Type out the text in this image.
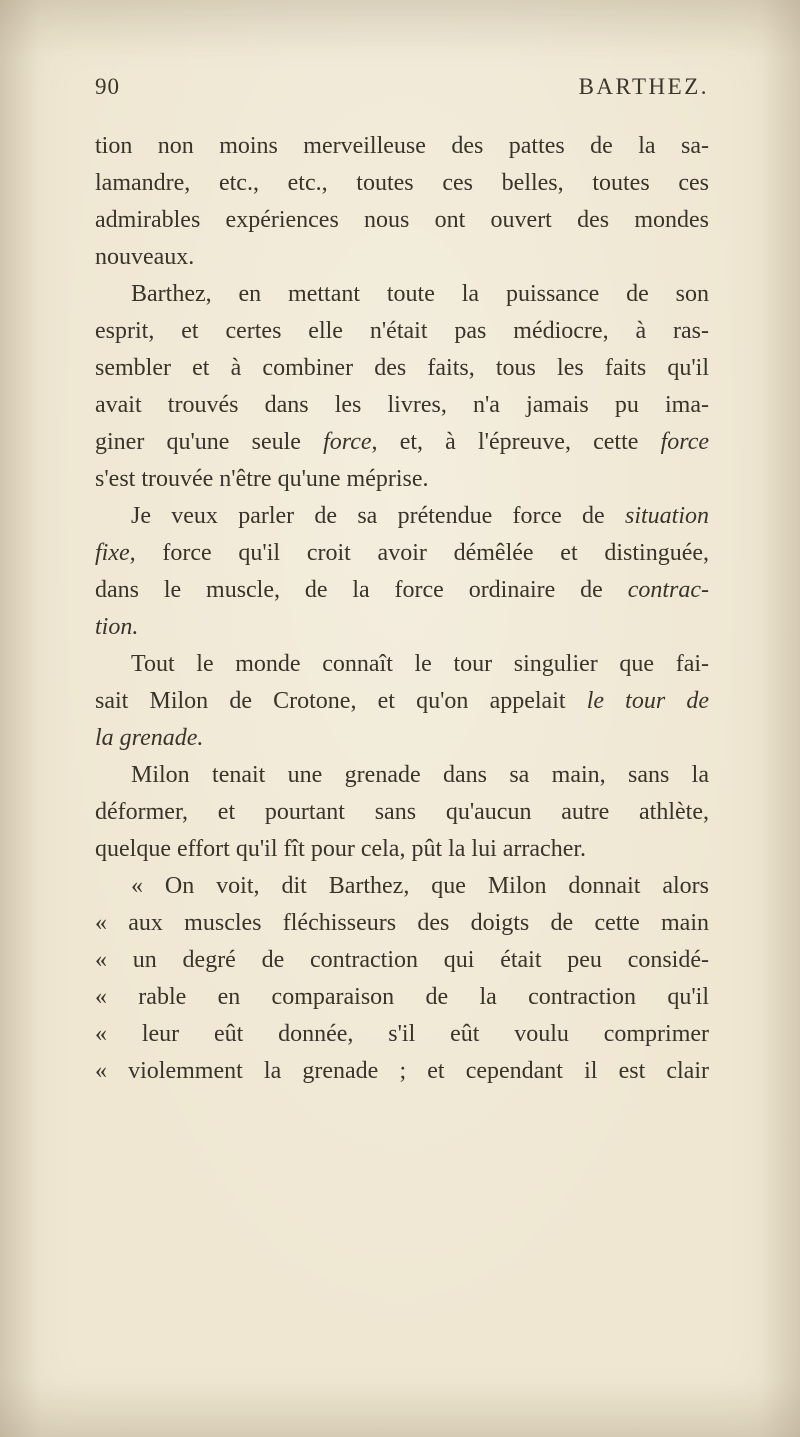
90	BARTHEZ.
tion non moins merveilleuse des pattes de la sa-
lamandre, etc., etc., toutes ces belles, toutes ces
admirables expériences nous ont ouvert des mondes
nouveaux.
Barthez, en mettant toute la puissance de son
esprit, et certes elle n'était pas médiocre, à ras-
sembler et à combiner des faits, tous les faits qu'il
avait trouvés dans les livres, n'a jamais pu ima-
giner qu'une seule force, et, à l'épreuve, cette force
s'est trouvée n'être qu'une méprise.
Je veux parler de sa prétendue force de situation
fixe, force qu'il croit avoir démêlée et distinguée,
dans le muscle, de la force ordinaire de contrac-
tion.
Tout le monde connaît le tour singulier que fai-
sait Milon de Crotone, et qu'on appelait le tour de
la grenade.
Milon tenait une grenade dans sa main, sans la
déformer, et pourtant sans qu'aucun autre athlète,
quelque effort qu'il fît pour cela, pût la lui arracher.
« On voit, dit Barthez, que Milon donnait alors
« aux muscles fléchisseurs des doigts de cette main
« un degré de contraction qui était peu considé-
« rable en comparaison de la contraction qu'il
« leur eût donnée, s'il eût voulu comprimer
« violemment la grenade ; et cependant il est clair
